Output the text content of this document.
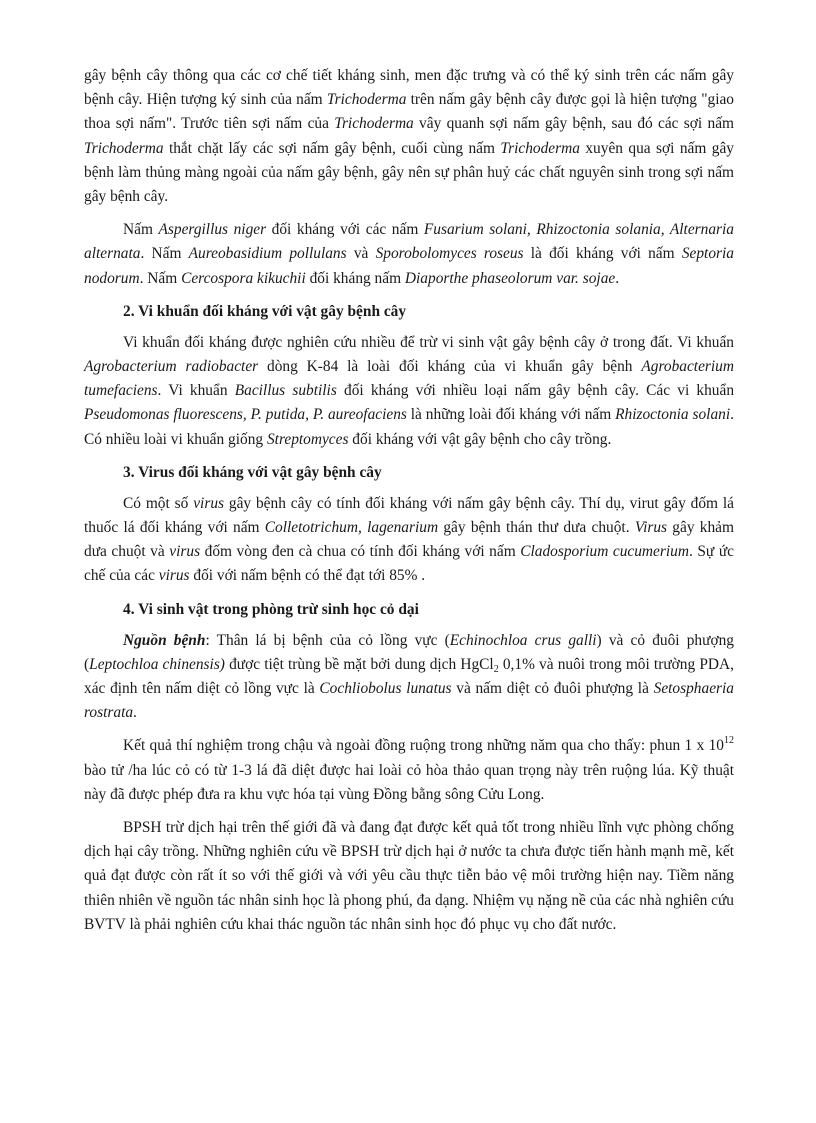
gây bệnh cây thông qua các cơ chế tiết kháng sinh, men đặc trưng và có thể ký sinh trên các nấm gây bệnh cây. Hiện tượng ký sinh của nấm Trichoderma trên nấm gây bệnh cây được gọi là hiện tượng "giao thoa sợi nấm". Trước tiên sợi nấm của Trichoderma vây quanh sợi nấm gây bệnh, sau đó các sợi nấm Trichoderma thắt chặt lấy các sợi nấm gây bệnh, cuối cùng nấm Trichoderma xuyên qua sợi nấm gây bệnh làm thủng màng ngoài của nấm gây bệnh, gây nên sự phân huỷ các chất nguyên sinh trong sợi nấm gây bệnh cây.

Nấm Aspergillus niger đối kháng với các nấm Fusarium solani, Rhizoctonia solania, Alternaria alternata. Nấm Aureobasidium pollulans và Sporobolomyces roseus là đối kháng với nấm Septoria nodorum. Nấm Cercospora kikuchii đối kháng nấm Diaporthe phaseolorum var. sojae.

2. Vi khuẩn đối kháng với vật gây bệnh cây

Vi khuẩn đối kháng được nghiên cứu nhiều để trừ vi sinh vật gây bệnh cây ở trong đất. Vi khuẩn Agrobacterium radiobacter dòng K-84 là loài đối kháng của vi khuẩn gây bệnh Agrobacterium tumefaciens. Vi khuẩn Bacillus subtilis đối kháng với nhiều loại nấm gây bệnh cây. Các vi khuẩn Pseudomonas fluorescens, P. putida, P. aureofaciens là những loài đối kháng với nấm Rhizoctonia solani. Có nhiều loài vi khuẩn giống Streptomyces đối kháng với vật gây bệnh cho cây trồng.

3. Virus đối kháng với vật gây bệnh cây

Có một số virus gây bệnh cây có tính đối kháng với nấm gây bệnh cây. Thí dụ, virut gây đốm lá thuốc lá đối kháng với nấm Colletotrichum, lagenarium gây bệnh thán thư dưa chuột. Virus gây khảm dưa chuột và virus đốm vòng đen cà chua có tính đối kháng với nấm Cladosporium cucumerium. Sự ức chế của các virus đối với nấm bệnh có thể đạt tới 85% .

4. Vi sinh vật trong phòng trừ sinh học cỏ dại

Nguồn bệnh: Thân lá bị bệnh của cỏ lồng vực (Echinochloa crus galli) và cỏ đuôi phượng (Leptochloa chinensis) được tiệt trùng bề mặt bởi dung dịch HgCl$_2$ 0,1% và nuôi trong môi trường PDA, xác định tên nấm diệt cỏ lồng vực là Cochliobolus lunatus và nấm diệt cỏ đuôi phượng là Setosphaeria rostrata.

Kết quả thí nghiệm trong chậu và ngoài đồng ruộng trong những năm qua cho thấy: phun 1 x $10^{12}$ bào tử /ha lúc cỏ có từ 1-3 lá đã diệt được hai loài cỏ hòa thảo quan trọng này trên ruộng lúa. Kỹ thuật này đã được phép đưa ra khu vực hóa tại vùng Đồng bằng sông Cửu Long.

BPSH trừ dịch hại trên thế giới đã và đang đạt được kết quả tốt trong nhiều lĩnh vực phòng chống dịch hại cây trồng. Những nghiên cứu về BPSH trừ dịch hại ở nước ta chưa được tiến hành mạnh mẽ, kết quả đạt được còn rất ít so với thế giới và với yêu cầu thực tiễn bảo vệ môi trường hiện nay. Tiềm năng thiên nhiên về nguồn tác nhân sinh học là phong phú, đa dạng. Nhiệm vụ nặng nề của các nhà nghiên cứu BVTV là phải nghiên cứu khai thác nguồn tác nhân sinh học đó phục vụ cho đất nước.
